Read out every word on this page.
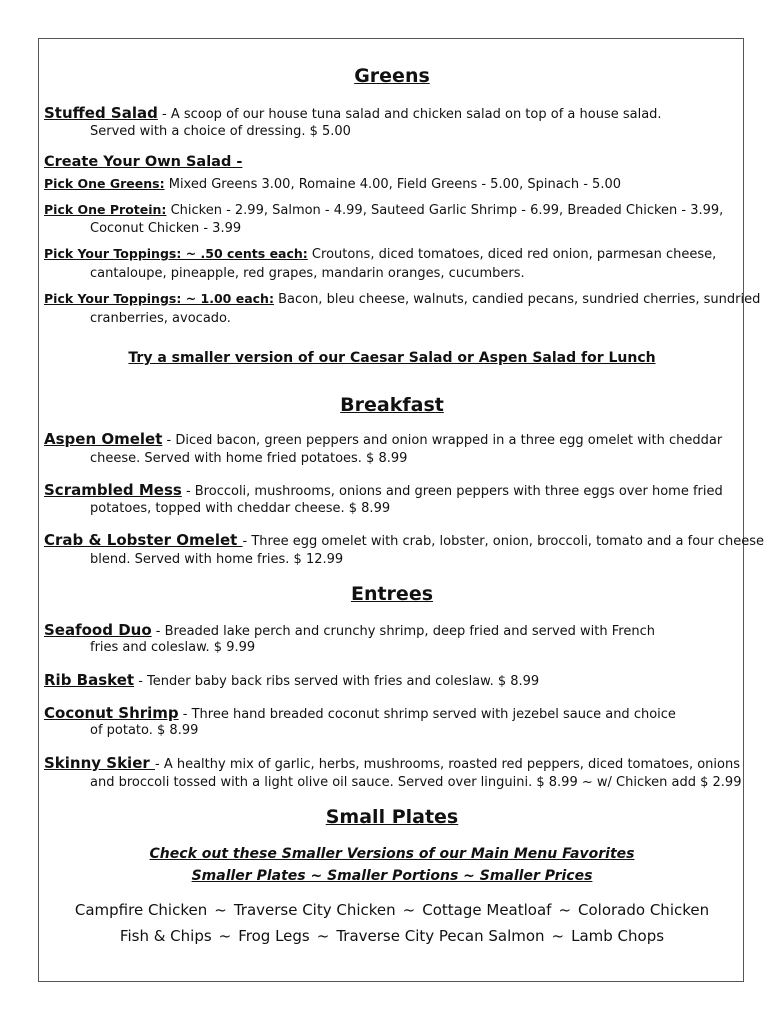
Greens
Stuffed Salad - A scoop of our house tuna salad and chicken salad on top of a house salad.
Served with a choice of dressing. $ 5.00
Create Your Own Salad -
Pick One Greens: Mixed Greens 3.00, Romaine 4.00, Field Greens - 5.00, Spinach - 5.00
Pick One Protein: Chicken - 2.99, Salmon - 4.99, Sauteed Garlic Shrimp - 6.99, Breaded Chicken - 3.99,
Coconut Chicken - 3.99
Pick Your Toppings: ~ .50 cents each: Croutons, diced tomatoes, diced red onion, parmesan cheese,
cantaloupe, pineapple, red grapes, mandarin oranges, cucumbers.
Pick Your Toppings: ~ 1.00 each: Bacon, bleu cheese, walnuts, candied pecans, sundried cherries, sundried
cranberries, avocado.
Try a smaller version of our Caesar Salad or Aspen Salad for Lunch
Breakfast
Aspen Omelet - Diced bacon, green peppers and onion wrapped in a three egg omelet with cheddar
cheese. Served with home fried potatoes. $ 8.99
Scrambled Mess - Broccoli, mushrooms, onions and green peppers with three eggs over home fried
potatoes, topped with cheddar cheese. $ 8.99
Crab & Lobster Omelet - Three egg omelet with crab, lobster, onion, broccoli, tomato and a four cheese
blend. Served with home fries. $ 12.99
Entrees
Seafood Duo - Breaded lake perch and crunchy shrimp, deep fried and served with French
fries and coleslaw. $ 9.99
Rib Basket - Tender baby back ribs served with fries and coleslaw. $ 8.99
Coconut Shrimp - Three hand breaded coconut shrimp served with jezebel sauce and choice
of potato. $ 8.99
Skinny Skier - A healthy mix of garlic, herbs, mushrooms, roasted red peppers, diced tomatoes, onions
and broccoli tossed with a light olive oil sauce. Served over linguini. $ 8.99 ~ w/ Chicken add $ 2.99
Small Plates
Check out these Smaller Versions of our Main Menu Favorites
Smaller Plates ~ Smaller Portions ~ Smaller Prices
Campfire Chicken ~ Traverse City Chicken ~ Cottage Meatloaf ~ Colorado Chicken
Fish & Chips ~ Frog Legs ~ Traverse City Pecan Salmon ~ Lamb Chops
